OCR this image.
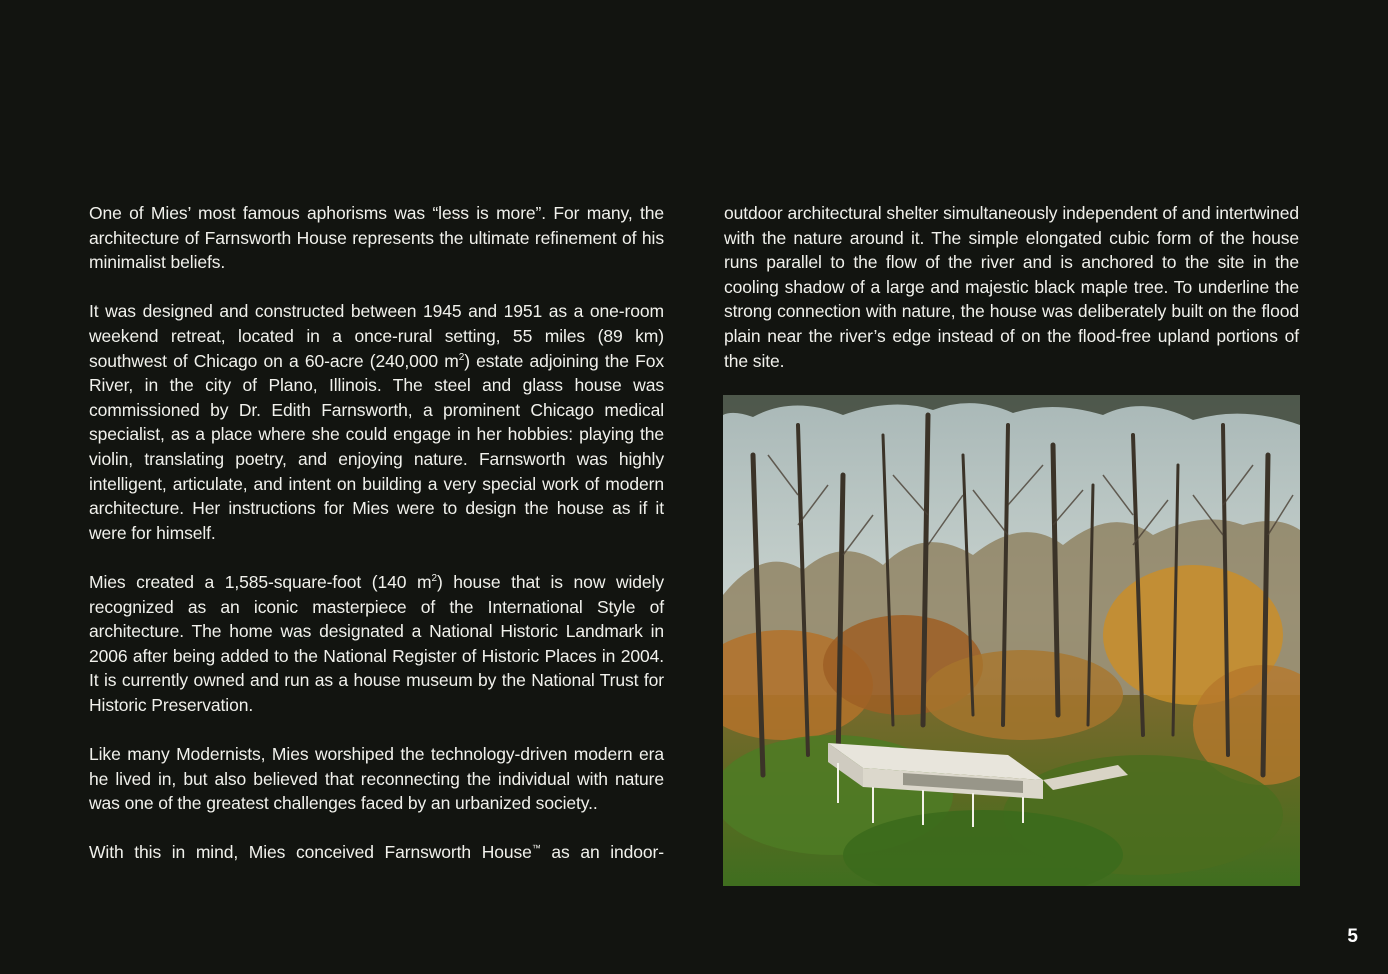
One of Mies’ most famous aphorisms was “less is more”. For many, the architecture of Farnsworth House represents the ultimate refinement of his minimalist beliefs.

It was designed and constructed between 1945 and 1951 as a one-room weekend retreat, located in a once-rural setting, 55 miles (89 km) southwest of Chicago on a 60-acre (240,000 $m^2$) estate adjoining the Fox River, in the city of Plano, Illinois. The steel and glass house was commissioned by Dr. Edith Farnsworth, a prominent Chicago medical specialist, as a place where she could engage in her hobbies: playing the violin, translating poetry, and enjoying nature. Farnsworth was highly intelligent, articulate, and intent on building a very special work of modern architecture. Her instructions for Mies were to design the house as if it were for himself.

Mies created a 1,585-square-foot (140 $m^2$) house that is now widely recognized as an iconic masterpiece of the International Style of architecture. The home was designated a National Historic Landmark in 2006 after being added to the National Register of Historic Places in 2004. It is currently owned and run as a house museum by the National Trust for Historic Preservation.

Like many Modernists, Mies worshiped the technology-driven modern era he lived in, but also believed that reconnecting the individual with nature was one of the greatest challenges faced by an urbanized society..

With this in mind, Mies conceived Farnsworth House™ as an indoor-

outdoor architectural shelter simultaneously independent of and intertwined with the nature around it. The simple elongated cubic form of the house runs parallel to the flow of the river and is anchored to the site in the cooling shadow of a large and majestic black maple tree. To underline the strong connection with nature, the house was deliberately built on the flood plain near the river’s edge instead of on the flood-free upland portions of the site.

5
